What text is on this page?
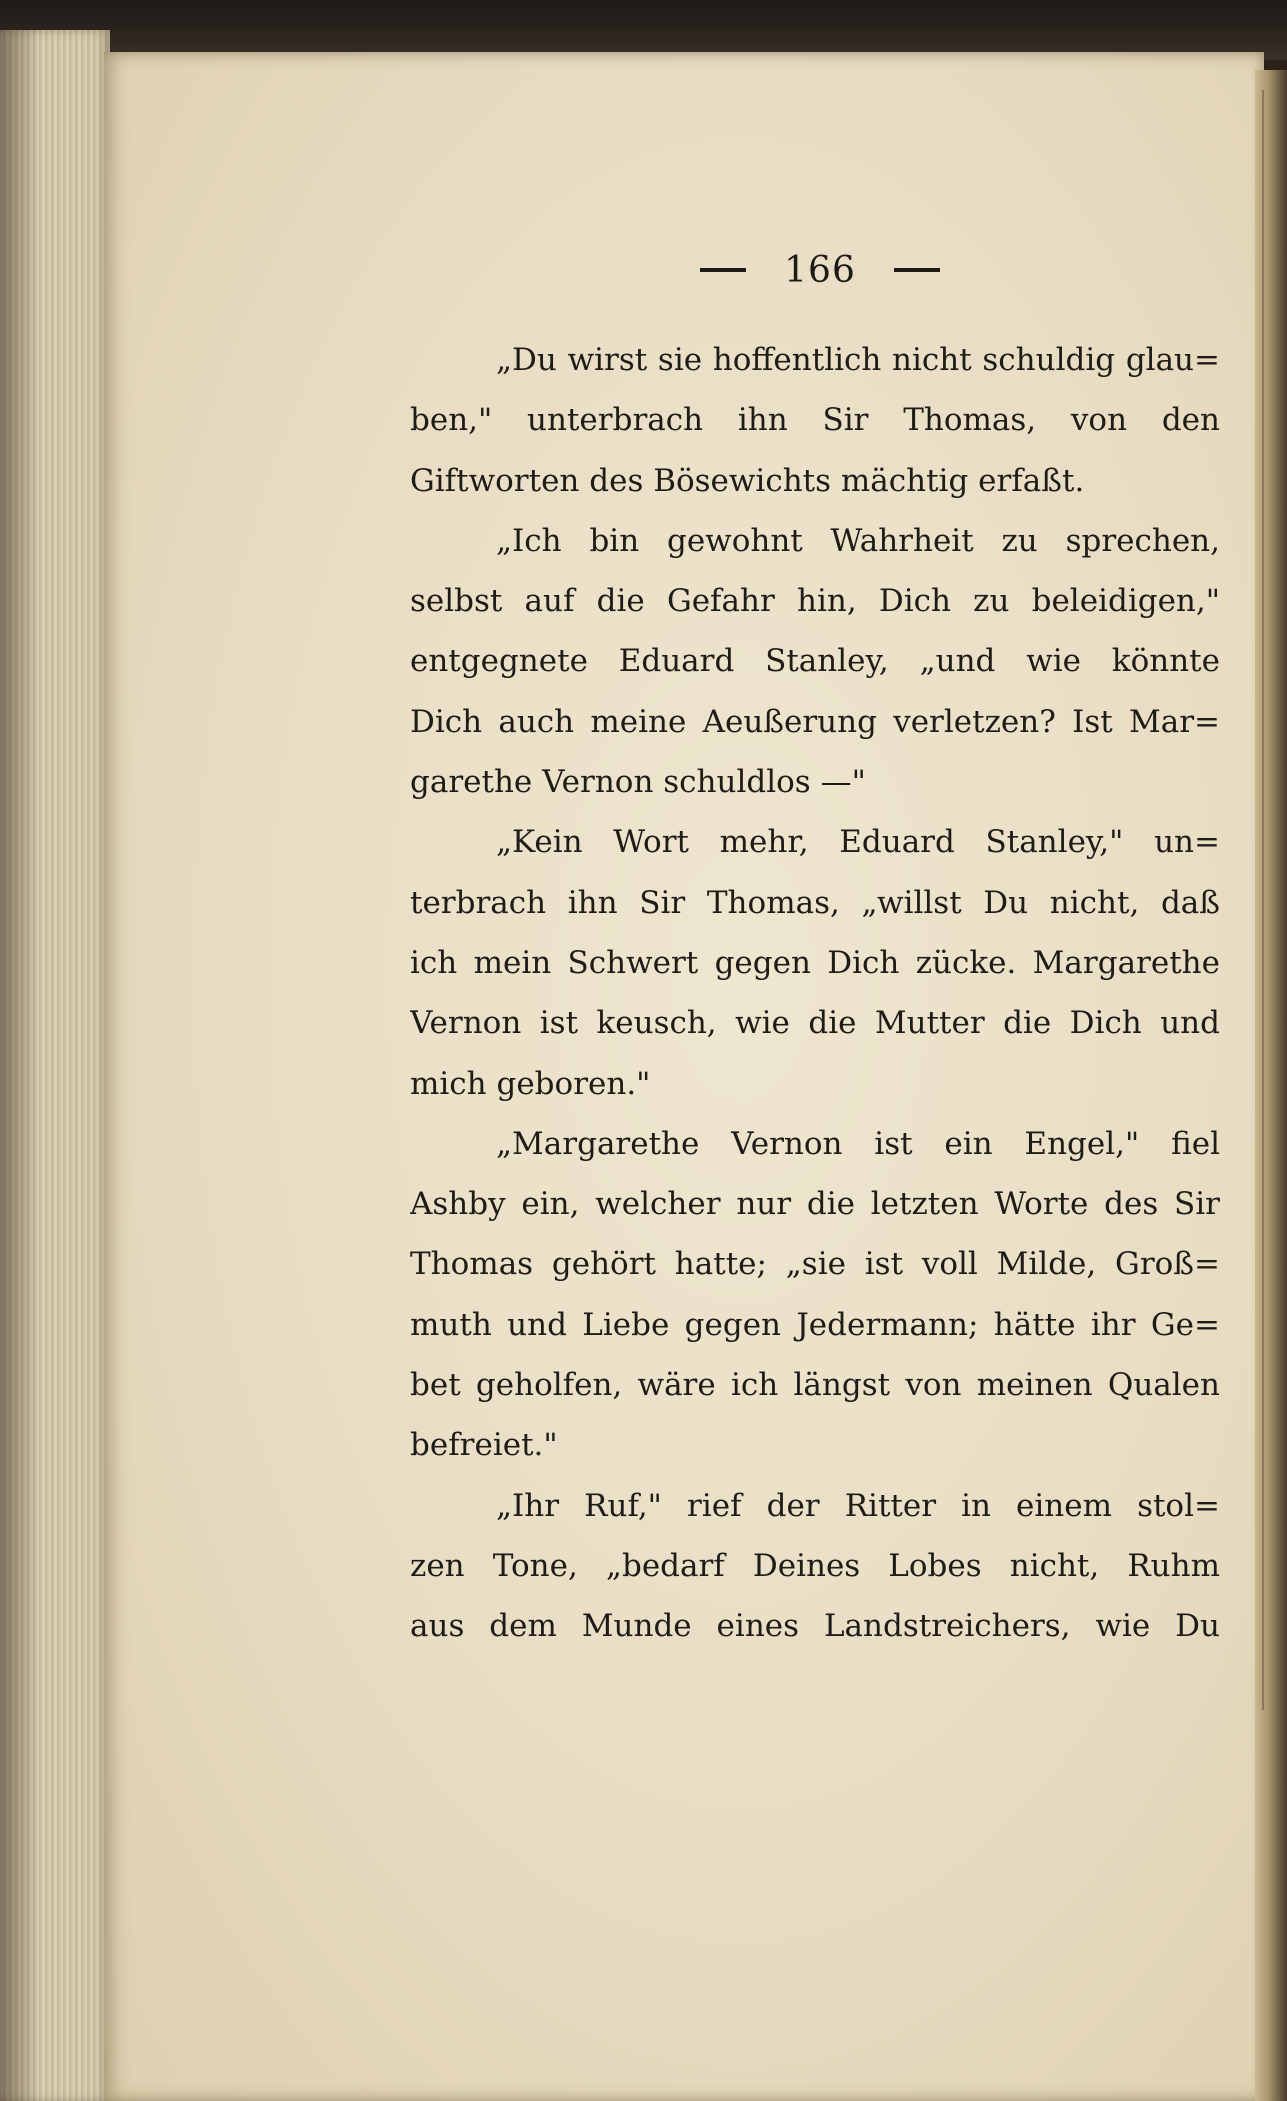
166
„Du wirst sie hoffentlich nicht schuldig glau=
ben," unterbrach ihn Sir Thomas, von den
Giftworten des Bösewichts mächtig erfaßt.
„Ich bin gewohnt Wahrheit zu sprechen,
selbst auf die Gefahr hin, Dich zu beleidigen,"
entgegnete Eduard Stanley, „und wie könnte
Dich auch meine Aeußerung verletzen? Ist Mar=
garethe Vernon schuldlos —"
„Kein Wort mehr, Eduard Stanley," un=
terbrach ihn Sir Thomas, „willst Du nicht, daß
ich mein Schwert gegen Dich zücke. Margarethe
Vernon ist keusch, wie die Mutter die Dich und
mich geboren."
„Margarethe Vernon ist ein Engel," fiel
Ashby ein, welcher nur die letzten Worte des Sir
Thomas gehört hatte; „sie ist voll Milde, Groß=
muth und Liebe gegen Jedermann; hätte ihr Ge=
bet geholfen, wäre ich längst von meinen Qualen
befreiet."
„Ihr Ruf," rief der Ritter in einem stol=
zen Tone, „bedarf Deines Lobes nicht, Ruhm
aus dem Munde eines Landstreichers, wie Du
